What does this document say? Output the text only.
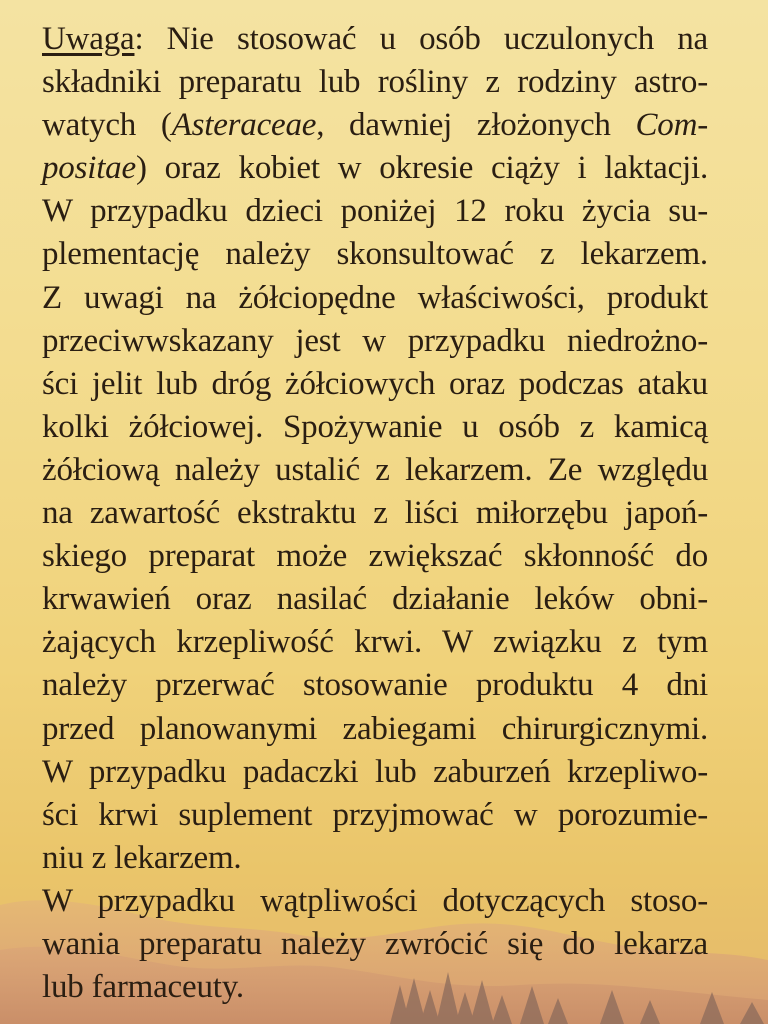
Uwaga: Nie stosować u osób uczulonych na
składniki preparatu lub rośliny z rodziny astro-
watych (Asteraceae, dawniej złożonych Com-
positae) oraz kobiet w okresie ciąży i laktacji.
W przypadku dzieci poniżej 12 roku życia su-
plementację należy skonsultować z lekarzem.
Z uwagi na żółciopędne właściwości, produkt
przeciwwskazany jest w przypadku niedrożno-
ści jelit lub dróg żółciowych oraz podczas ataku
kolki żółciowej. Spożywanie u osób z kamicą
żółciową należy ustalić z lekarzem. Ze względu
na zawartość ekstraktu z liści miłorzębu japoń-
skiego preparat może zwiększać skłonność do
krwawień oraz nasilać działanie leków obni-
żających krzepliwość krwi. W związku z tym
należy przerwać stosowanie produktu 4 dni
przed planowanymi zabiegami chirurgicznymi.
W przypadku padaczki lub zaburzeń krzepliwo-
ści krwi suplement przyjmować w porozumie-
niu z lekarzem.
W przypadku wątpliwości dotyczących stoso-
wania preparatu należy zwrócić się do lekarza
lub farmaceuty.
